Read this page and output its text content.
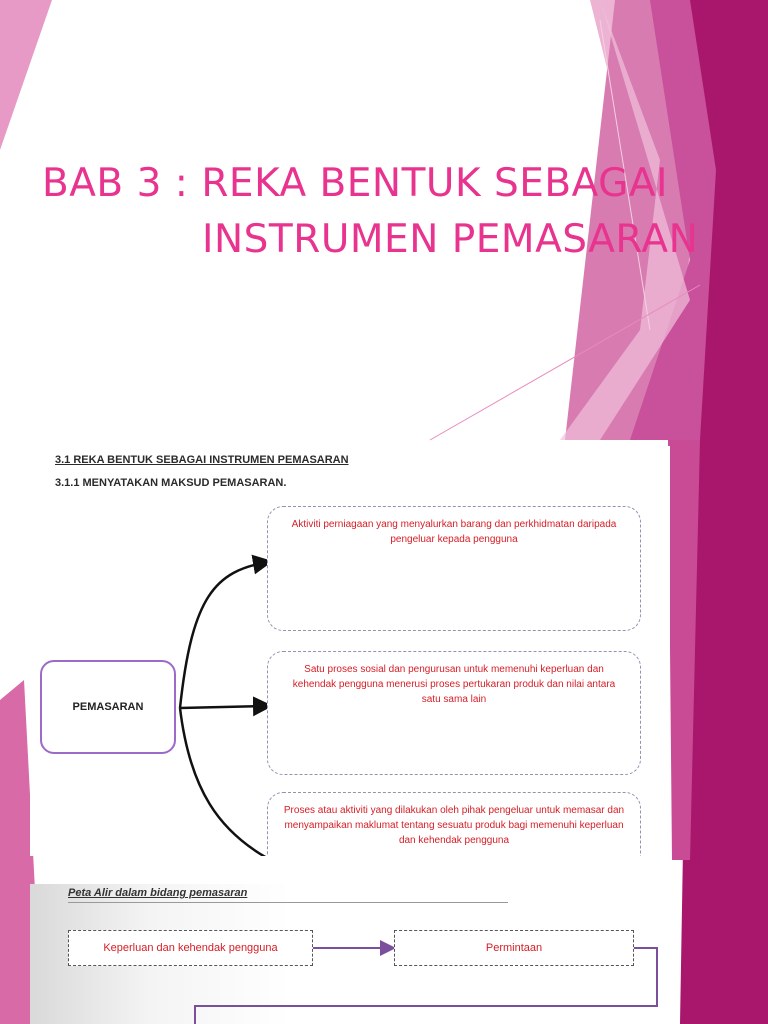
BAB 3 : REKA BENTUK SEBAGAI
INSTRUMEN PEMASARAN

3.1 REKA BENTUK SEBAGAI INSTRUMEN PEMASARAN

3.1.1 MENYATAKAN MAKSUD PEMASARAN.

PEMASARAN
Aktiviti perniagaan yang menyalurkan barang dan perkhidmatan daripada pengeluar kepada pengguna
Satu proses sosial dan pengurusan untuk memenuhi keperluan dan kehendak pengguna menerusi proses pertukaran produk dan nilai antara satu sama lain
Proses atau aktiviti yang dilakukan oleh pihak pengeluar untuk memasar dan menyampaikan maklumat tentang sesuatu produk bagi memenuhi keperluan dan kehendak pengguna

Peta Alir dalam bidang pemasaran

Keperluan dan kehendak pengguna	Permintaan
